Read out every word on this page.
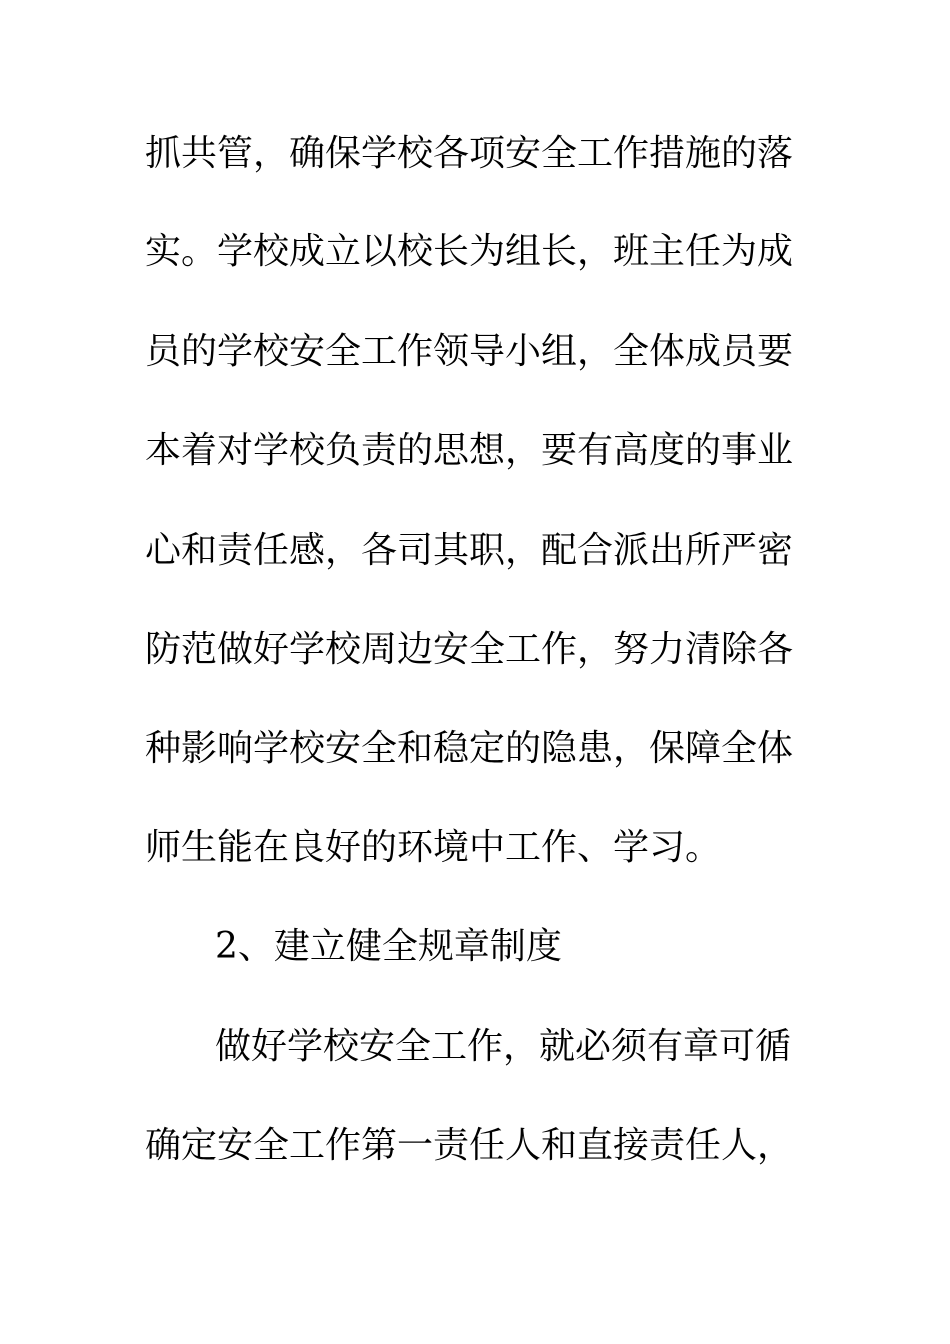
抓共管，确保学校各项安全工作措施的落
实。学校成立以校长为组长，班主任为成
员的学校安全工作领导小组，全体成员要
本着对学校负责的思想，要有高度的事业
心和责任感，各司其职，配合派出所严密
防范做好学校周边安全工作，努力清除各
种影响学校安全和稳定的隐患，保障全体
师生能在良好的环境中工作、学习。
2、建立健全规章制度
做好学校安全工作，就必须有章可循
确定安全工作第一责任人和直接责任人，
